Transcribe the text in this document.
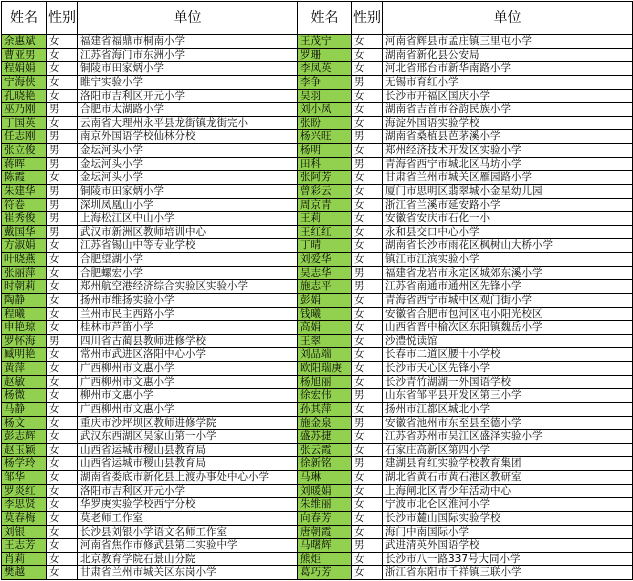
姓名	性别	单位	姓名	性别	单位
余惠斌	女	福建省福鼎市桐南小学	王茂宁	女	河南省辉县市孟庄镇三里屯小学
曹亚男	女	江苏省海门市东洲小学	罗珊	女	湖南省新化县公安局
程娟娟	女	铜陵市田家炳小学	李凤英	女	河北省邢台市新华南路小学
宁海侠	女	睢宁实验小学	李争	男	无锡市育红小学
孔晓艳	女	洛阳市吉利区开元小学	吴羽	女	长沙市开福区国庆小学
巫乃刚	男	合肥市太湖路小学	刘小凤	女	湖南省吉首市谷韵民族小学
丁国英	女	云南省大理州永平县龙街镇龙街完小	张盼	女	海淀外国语实验学校
任志刚	男	南京外国语学校仙林分校	杨兴旺	男	湖南省桑植县芭茅溪小学
张立俊	男	金坛河头小学	杨明	女	郑州经济技术开发区实验小学
蒋晖	男	金坛河头小学	田科	男	青海省西宁市城北区马坊小学
陈霞	女	金坛河头小学	张阿芳	女	甘肃省兰州市城关区雁园路小学
朱建华	男	铜陵市田家炳小学	曾彩云	女	厦门市思明区翡翠城小金星幼儿园
符卷	男	深圳凤凰山小学	周京青	女	浙江省兰溪市延安路小学
崔秀俊	男	上海松江区中山小学	王莉	女	安徽省安庆市石化一小
戴国华	男	武汉市新洲区教师培训中心	王红红	女	永和县交口中心小学
方淑娟	女	江苏省锡山中等专业学校	丁晴	女	湖南省长沙市雨花区枫树山大桥小学
叶晓燕	女	合肥望湖小学	刘爱华	女	镇江市江滨实验小学
张丽萍	女	合肥螺宏小学	吴志华	男	福建省龙岩市永定区城郊东溪小学
时朝莉	女	郑州航空港经济综合实验区实验小学	施志平	男	江苏省南通市通州区先锋小学
陶静	女	扬州市维扬实验小学	彭娟	女	青海省西宁市城中区观门街小学
程曦	女	兰州市民主西路小学	钱曦	女	安徽省合肥市包河区屯小阳光校区
申艳琼	女	桂林市芦笛小学	高娟	女	山西省晋中榆次区东阳镇魏岳小学
罗怀海	男	四川省古蔺县教师进修学校	王翠	女	沙澧悦读馆
臧明艳	女	常州市武进区洛阳中心小学	刘品端	女	长春市二道区腰十小学校
黄萍	女	广西柳州市文惠小学	欧阳瑞庚	女	长沙市天心区先锋小学
赵敏	女	广西柳州市文惠小学	杨旭丽	女	长沙青竹湖湖一外国语学校
杨微	女	柳州市文惠小学	徐宏伟	男	山东省邹平县开发区第三小学
马静	女	广西柳州市文惠小学	孙其萍	女	扬州市江都区城北小学
杨文	女	重庆市沙坪坝区教师进修学院	施金泉	男	安徽省池州市东至县至德小学
彭志辉	女	武汉东西湖区吴家山第一小学	盛苏捷	女	江苏省苏州市吴江区盛泽实验小学
赵玉颖	女	山西省运城市稷山县教育局	张云霞	女	石家庄高新区第四小学
杨学玲	女	山西省运城市稷山县教育局	徐新铭	男	建湖县育红实验学校教育集团
邹华	女	湖南省娄底市新化县上渡办事处中心小学	马琳	女	湖北省黄石市黄石港区教研室
罗炎红	女	洛阳市吉利区开元小学	刘暖娟	女	上海闸北区青少年活动中心
李思贤	女	华罗庚实验学校西宁分校	朱维丽	女	宁波市北仑区淮河小学
莫春梅	女	莫老师工作室	向春芳	女	长沙市麓山国际实验学校
刘银	女	长沙县刘银小学语文名师工作室	唐朝霞	女	海门中南国际小学
王志芳	女	河南省焦作市修武县第二实验中学	马曙辉	男	武进清英外国语学校
肖莉	女	北京教育学院石景山分院	熊炬	女	长沙市八一路337号大同小学
樊越	女	甘肃省兰州市城关区东岗小学	葛巧芳	女	浙江省东阳市千祥镇三联小学
